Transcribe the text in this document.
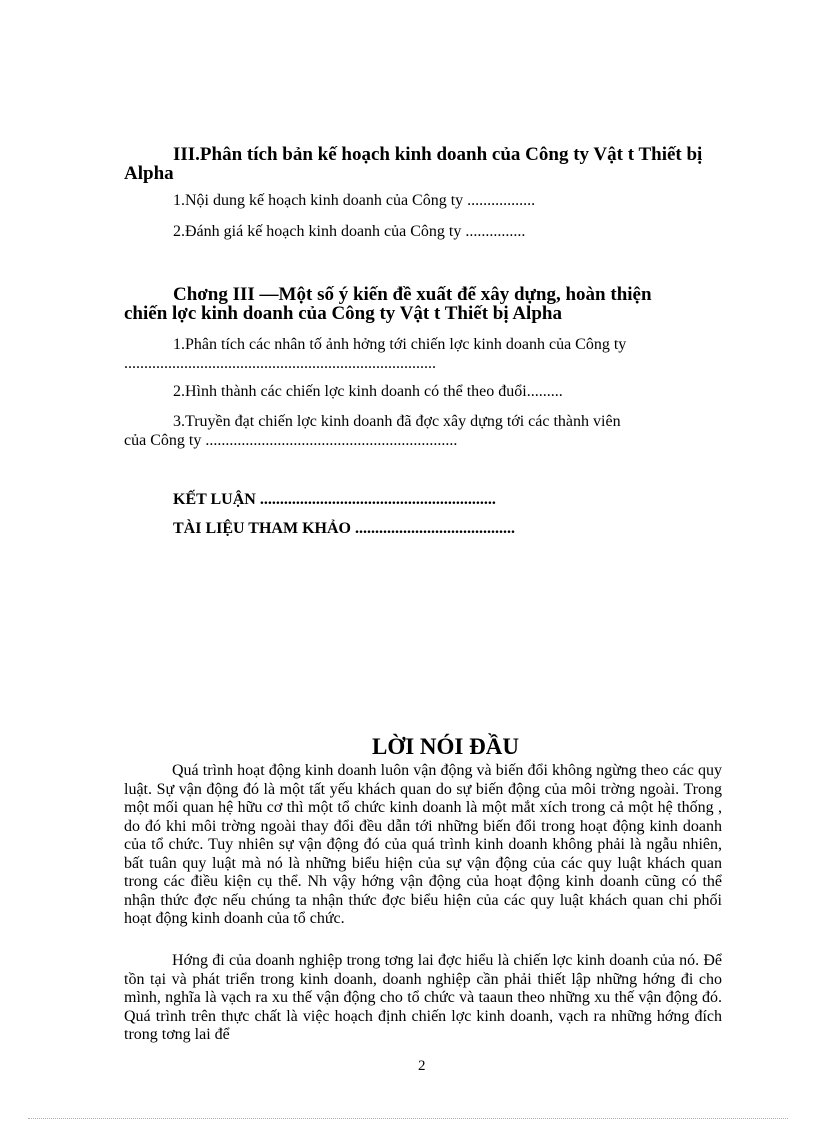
III.Phân tích bản kế hoạch kinh doanh của Công ty Vật t Thiết bị
Alpha
1.Nội dung kế hoạch kinh doanh của Công ty .................
2.Đánh giá kế hoạch kinh doanh của Công ty ...............
Chơng III —Một số ý kiến đề xuất để xây dựng, hoàn thiện
chiến lợc kinh doanh của Công ty Vật t Thiết bị Alpha
1.Phân tích các nhân tố ảnh hởng tới chiến lợc kinh doanh của Công ty
..............................................................................
2.Hình thành các chiến lợc kinh doanh có thể theo đuổi.........
3.Truyền đạt chiến lợc kinh doanh đã đợc xây dựng tới các thành viên
của Công ty ...............................................................
KẾT LUẬN ...........................................................
TÀI LIỆU THAM KHẢO ........................................
LỜI NÓI ĐẦU

Quá trình hoạt động kinh doanh luôn vận động và biến đổi không ngừng theo các quy luật. Sự vận động đó là một tất yếu khách quan do sự biến động của môi trờng ngoài. Trong một mối quan hệ hữu cơ thì một tổ chức kinh doanh là một mắt xích trong cả một hệ thống , do đó khi môi trờng ngoài thay đổi đều dẫn tới những biến đổi trong hoạt động kinh doanh của tổ chức. Tuy nhiên sự vận động đó của quá trình kinh doanh không phải là ngẫu nhiên, bất tuân quy luật mà nó là những biểu hiện của sự vận động của các quy luật khách quan trong các điều kiện cụ thể. Nh vậy hớng vận động của hoạt động kinh doanh cũng có thể nhận thức đợc nếu chúng ta nhận thức đợc biểu hiện của các quy luật khách quan chi phối hoạt động kinh doanh của tổ chức.

Hớng đi của doanh nghiệp trong tơng lai đợc hiểu là chiến lợc kinh doanh của nó. Để tồn tại và phát triển trong kinh doanh, doanh nghiệp cần phải thiết lập những hớng đi cho mình, nghĩa là vạch ra xu thế vận động cho tổ chức và taaun theo những xu thế vận động đó. Quá trình trên thực chất là việc hoạch định chiến lợc kinh doanh, vạch ra những hớng đích trong tơng lai để

2
